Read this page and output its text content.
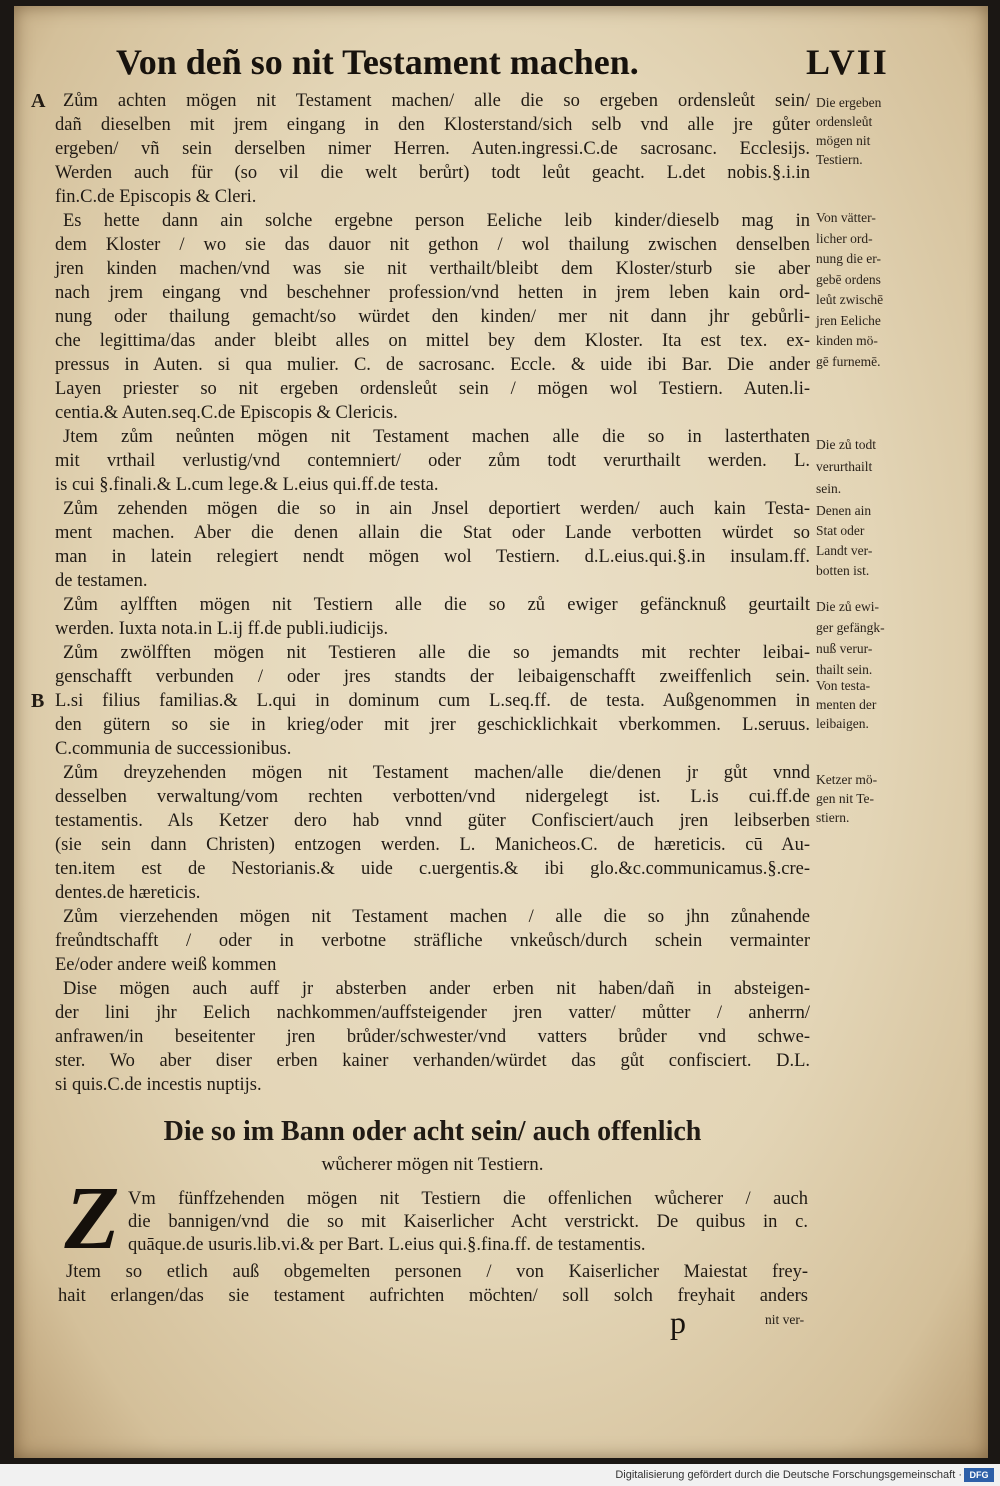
Von deñ so nit Testament machen.	LVII
A
B
Zům achten mögen nit Testament machen/ alle die so ergeben ordensleůt sein/
dañ dieselben mit jrem eingang in den Klosterstand/sich selb vnd alle jre gůter
ergeben/ vñ sein derselben nimer Herren. Auten.ingressi.C.de sacrosanc. Ecclesijs.
Werden auch für (so vil die welt berůrt) todt leůt geacht. L.det nobis.§.i.in
fin.C.de Episcopis & Cleri.
Es hette dann ain solche ergebne person Eeliche leib kinder/dieselb mag in
dem Kloster / wo sie das dauor nit gethon / wol thailung zwischen denselben
jren kinden machen/vnd was sie nit verthailt/bleibt dem Kloster/sturb sie aber
nach jrem eingang vnd beschehner profession/vnd hetten in jrem leben kain ord-
nung oder thailung gemacht/so würdet den kinden/ mer nit dann jhr gebůrli-
che legittima/das ander bleibt alles on mittel bey dem Kloster. Ita est tex. ex-
pressus in Auten. si qua mulier. C. de sacrosanc. Eccle. & uide ibi Bar. Die ander
Layen priester so nit ergeben ordensleůt sein / mögen wol Testiern. Auten.li-
centia.& Auten.seq.C.de Episcopis & Clericis.
Jtem zům neůnten mögen nit Testament machen alle die so in lasterthaten
mit vrthail verlustig/vnd contemniert/ oder zům todt verurthailt werden. L.
is cui §.finali.& L.cum lege.& L.eius qui.ff.de testa.
Zům zehenden mögen die so in ain Jnsel deportiert werden/ auch kain Testa-
ment machen. Aber die denen allain die Stat oder Lande verbotten würdet so
man in latein relegiert nendt mögen wol Testiern. d.L.eius.qui.§.in insulam.ff.
de testamen.
Zům aylfften mögen nit Testiern alle die so zů ewiger gefäncknuß geurtailt
werden. Iuxta nota.in L.ij ff.de publi.iudicijs.
Zům zwölfften mögen nit Testieren alle die so jemandts mit rechter leibai-
genschafft verbunden / oder jres standts der leibaigenschafft zweiffenlich sein.
L.si filius familias.& L.qui in dominum cum L.seq.ff. de testa. Außgenommen in
den gütern so sie in krieg/oder mit jrer geschicklichkait vberkommen. L.seruus.
C.communia de successionibus.
Zům dreyzehenden mögen nit Testament machen/alle die/denen jr gůt vnnd
desselben verwaltung/vom rechten verbotten/vnd nidergelegt ist. L.is cui.ff.de
testamentis. Als Ketzer dero hab vnnd güter Confisciert/auch jren leibserben
(sie sein dann Christen) entzogen werden. L. Manicheos.C. de hæreticis. cū Au-
ten.item est de Nestorianis.& uide c.uergentis.& ibi glo.&c.communicamus.§.cre-
dentes.de hæreticis.
Zům vierzehenden mögen nit Testament machen / alle die so jhn zůnahende
freůndtschafft / oder in verbotne sträfliche vnkeůsch/durch schein vermainter
Ee/oder andere weiß kommen
Dise mögen auch auff jr absterben ander erben nit haben/dañ in absteigen-
der lini jhr Eelich nachkommen/auffsteigender jren vatter/ můtter / anherrn/
anfrawen/in beseitenter jren brůder/schwester/vnd vatters brůder vnd schwe-
ster. Wo aber diser erben kainer verhanden/würdet das gůt confisciert. D.L.
si quis.C.de incestis nuptijs.
Die ergeben
ordensleůt
mögen nit
Testiern.
Von vätter-
licher ord-
nung die er-
gebē ordens
leůt zwischē
jren Eeliche
kinden mö-
gē furnemē.
Die zů todt
verurthailt
sein.
Denen ain
Stat oder
Landt ver-
botten ist.
Die zů ewi-
ger gefängk-
nuß verur-
thailt sein.
Von testa-
menten der
leibaigen.
Ketzer mö-
gen nit Te-
stiern.
Die so im Bann oder acht sein/ auch offenlich
wůcherer mögen nit Testiern.
Z Vm fünffzehenden mögen nit Testiern die offenlichen wůcherer / auch
die bannigen/vnd die so mit Kaiserlicher Acht verstrickt. De quibus in c.
quāque.de usuris.lib.vi.& per Bart. L.eius qui.§.fina.ff. de testamentis.
Jtem so etlich auß obgemelten personen / von Kaiserlicher Maiestat frey-
hait erlangen/das sie testament aufrichten möchten/ soll solch freyhait anders
p	nit ver-
Digitalisierung gefördert durch die Deutsche Forschungsgemeinschaft · DFG
